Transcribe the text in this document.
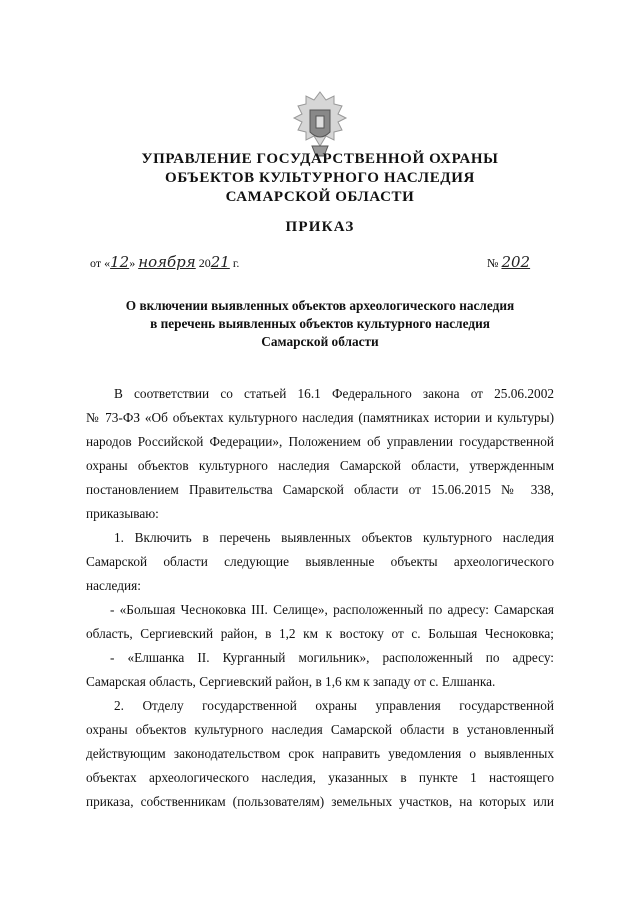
УПРАВЛЕНИЕ ГОСУДАРСТВЕННОЙ ОХРАНЫ
ОБЪЕКТОВ КУЛЬТУРНОГО НАСЛЕДИЯ
САМАРСКОЙ ОБЛАСТИ
ПРИКАЗ
от «12» ноября 2021 г.	№ 202
О включении выявленных объектов археологического наследия
в перечень выявленных объектов культурного наследия
Самарской области
В соответствии со статьей 16.1 Федерального закона от 25.06.2002
№ 73-ФЗ «Об объектах культурного наследия (памятниках истории и культуры)
народов Российской Федерации», Положением об управлении государственной
охраны объектов культурного наследия Самарской области, утвержденным
постановлением Правительства Самарской области от 15.06.2015 № 338,
приказываю:
1. Включить в перечень выявленных объектов культурного наследия
Самарской области следующие выявленные объекты археологического
наследия:
- «Большая Чесноковка III. Селище», расположенный по адресу: Самарская
область, Сергиевский район, в 1,2 км к востоку от с. Большая Чесноковка;
- «Елшанка II. Курганный могильник», расположенный по адресу:
Самарская область, Сергиевский район, в 1,6 км к западу от с. Елшанка.
2. Отделу государственной охраны управления государственной
охраны объектов культурного наследия Самарской области в установленный
действующим законодательством срок направить уведомления о выявленных
объектах археологического наследия, указанных в пункте 1 настоящего
приказа, собственникам (пользователям) земельных участков, на которых или
